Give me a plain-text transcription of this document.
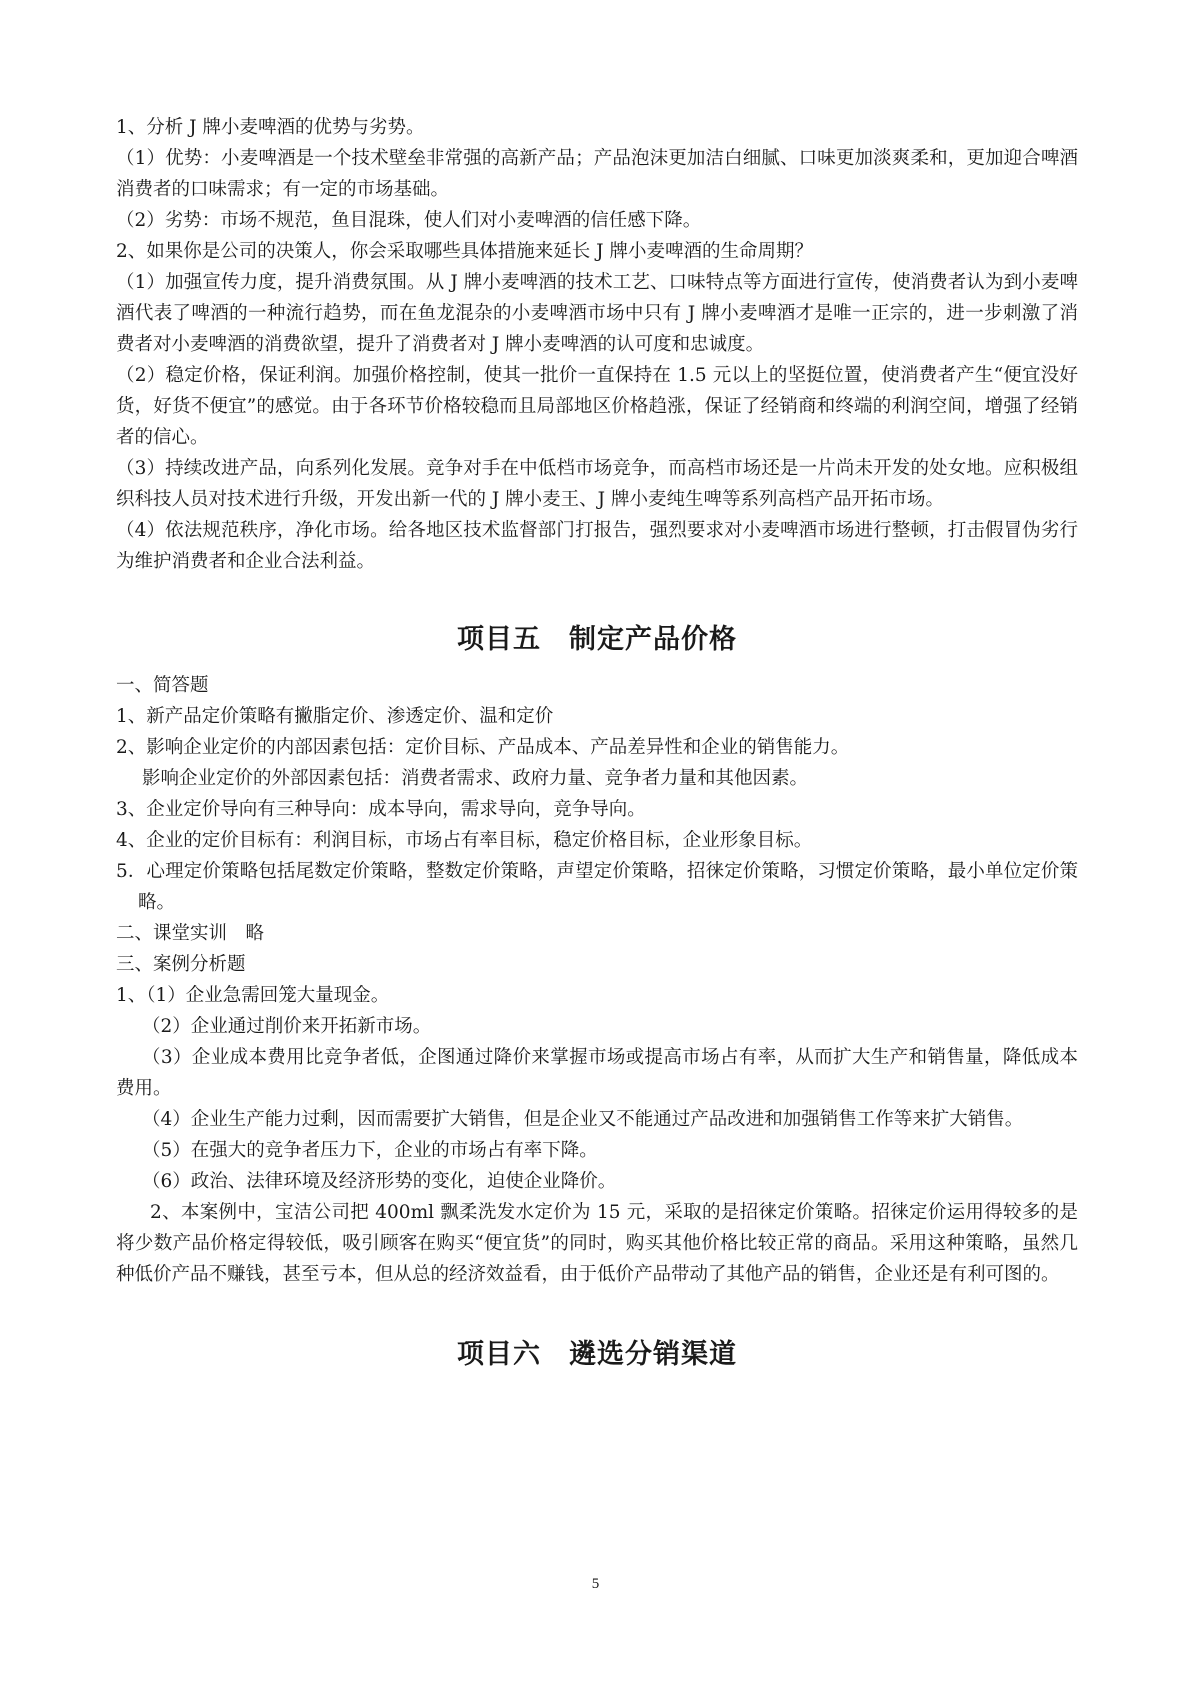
1、分析 J 牌小麦啤酒的优势与劣势。

（1）优势：小麦啤酒是一个技术壁垒非常强的高新产品；产品泡沫更加洁白细腻、口味更加淡爽柔和，更加迎合啤酒消费者的口味需求；有一定的市场基础。

（2）劣势：市场不规范，鱼目混珠，使人们对小麦啤酒的信任感下降。

2、如果你是公司的决策人，你会采取哪些具体措施来延长 J 牌小麦啤酒的生命周期？

（1）加强宣传力度，提升消费氛围。从 J 牌小麦啤酒的技术工艺、口味特点等方面进行宣传，使消费者认为到小麦啤酒代表了啤酒的一种流行趋势，而在鱼龙混杂的小麦啤酒市场中只有 J 牌小麦啤酒才是唯一正宗的，进一步刺激了消费者对小麦啤酒的消费欲望，提升了消费者对 J 牌小麦啤酒的认可度和忠诚度。

（2）稳定价格，保证利润。加强价格控制，使其一批价一直保持在 1.5 元以上的坚挺位置，使消费者产生“便宜没好货，好货不便宜”的感觉。由于各环节价格较稳而且局部地区价格趋涨，保证了经销商和终端的利润空间，增强了经销者的信心。

（3）持续改进产品，向系列化发展。竞争对手在中低档市场竞争，而高档市场还是一片尚未开发的处女地。应积极组织科技人员对技术进行升级，开发出新一代的 J 牌小麦王、J 牌小麦纯生啤等系列高档产品开拓市场。

（4）依法规范秩序，净化市场。给各地区技术监督部门打报告，强烈要求对小麦啤酒市场进行整顿，打击假冒伪劣行为维护消费者和企业合法利益。

项目五　制定产品价格

一、简答题

1、新产品定价策略有撇脂定价、渗透定价、温和定价

2、影响企业定价的内部因素包括：定价目标、产品成本、产品差异性和企业的销售能力。

影响企业定价的外部因素包括：消费者需求、政府力量、竞争者力量和其他因素。

3、企业定价导向有三种导向：成本导向，需求导向，竞争导向。

4、企业的定价目标有：利润目标，市场占有率目标，稳定价格目标，企业形象目标。

5．心理定价策略包括尾数定价策略，整数定价策略，声望定价策略，招徕定价策略，习惯定价策略，最小单位定价策略。

二、课堂实训　略

三、案例分析题

1、（1）企业急需回笼大量现金。

（2）企业通过削价来开拓新市场。

（3）企业成本费用比竞争者低，企图通过降价来掌握市场或提高市场占有率，从而扩大生产和销售量，降低成本费用。

（4）企业生产能力过剩，因而需要扩大销售，但是企业又不能通过产品改进和加强销售工作等来扩大销售。

（5）在强大的竞争者压力下，企业的市场占有率下降。

（6）政治、法律环境及经济形势的变化，迫使企业降价。

2、本案例中，宝洁公司把 400ml 飘柔洗发水定价为 15 元，采取的是招徕定价策略。招徕定价运用得较多的是将少数产品价格定得较低，吸引顾客在购买“便宜货”的同时，购买其他价格比较正常的商品。采用这种策略，虽然几种低价产品不赚钱，甚至亏本，但从总的经济效益看，由于低价产品带动了其他产品的销售，企业还是有利可图的。

项目六　遴选分销渠道
5
